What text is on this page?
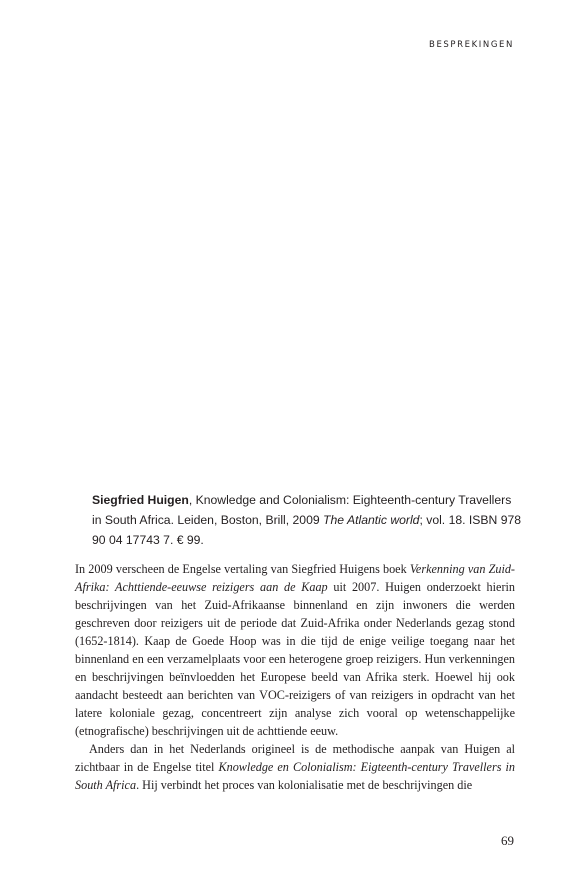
BESPREKINGEN
Siegfried Huigen, Knowledge and Colonialism: Eighteenth-century Travellers in South Africa. Leiden, Boston, Brill, 2009 The Atlantic world; vol. 18. ISBN 978 90 04 17743 7. € 99.

In 2009 verscheen de Engelse vertaling van Siegfried Huigens boek Verkenning van Zuid-Afrika: Achttiende-eeuwse reizigers aan de Kaap uit 2007. Huigen onderzoekt hierin beschrijvingen van het Zuid-Afrikaanse binnenland en zijn inwoners die werden geschreven door reizigers uit de periode dat Zuid-Afrika onder Nederlands gezag stond (1652-1814). Kaap de Goede Hoop was in die tijd de enige veilige toegang naar het binnenland en een verzamelplaats voor een heterogene groep reizigers. Hun verkenningen en beschrijvingen beïnvloedden het Europese beeld van Afrika sterk. Hoewel hij ook aandacht besteedt aan berichten van VOC-reizigers of van reizigers in opdracht van het latere koloniale gezag, concentreert zijn analyse zich vooral op wetenschappelijke (etnografische) beschrijvingen uit de achttiende eeuw.

Anders dan in het Nederlands origineel is de methodische aanpak van Huigen al zichtbaar in de Engelse titel Knowledge en Colonialism: Eigteenth-century Travellers in South Africa. Hij verbindt het proces van kolonialisatie met de beschrijvingen die

69
